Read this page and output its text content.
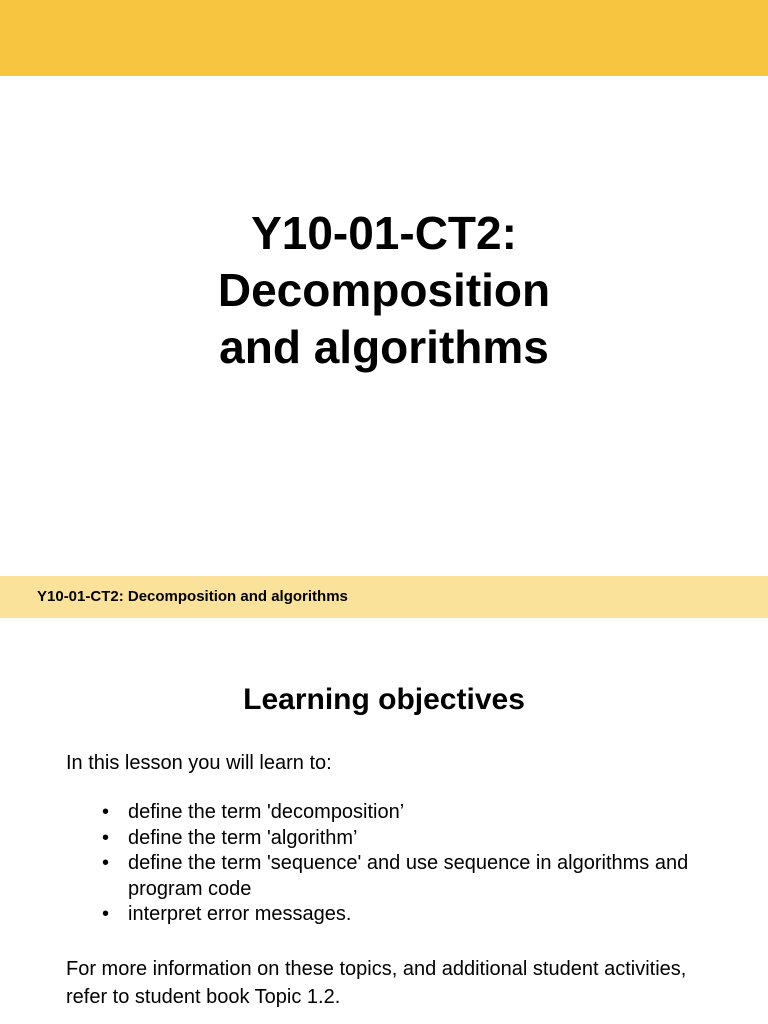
Y10-01-CT2:
Decomposition
and algorithms
Y10-01-CT2: Decomposition and algorithms
Learning objectives
In this lesson you will learn to:
• define the term 'decomposition’
• define the term 'algorithm’
• define the term 'sequence' and use sequence in algorithms and program code
• interpret error messages.
For more information on these topics, and additional student activities, refer to student book Topic 1.2.
